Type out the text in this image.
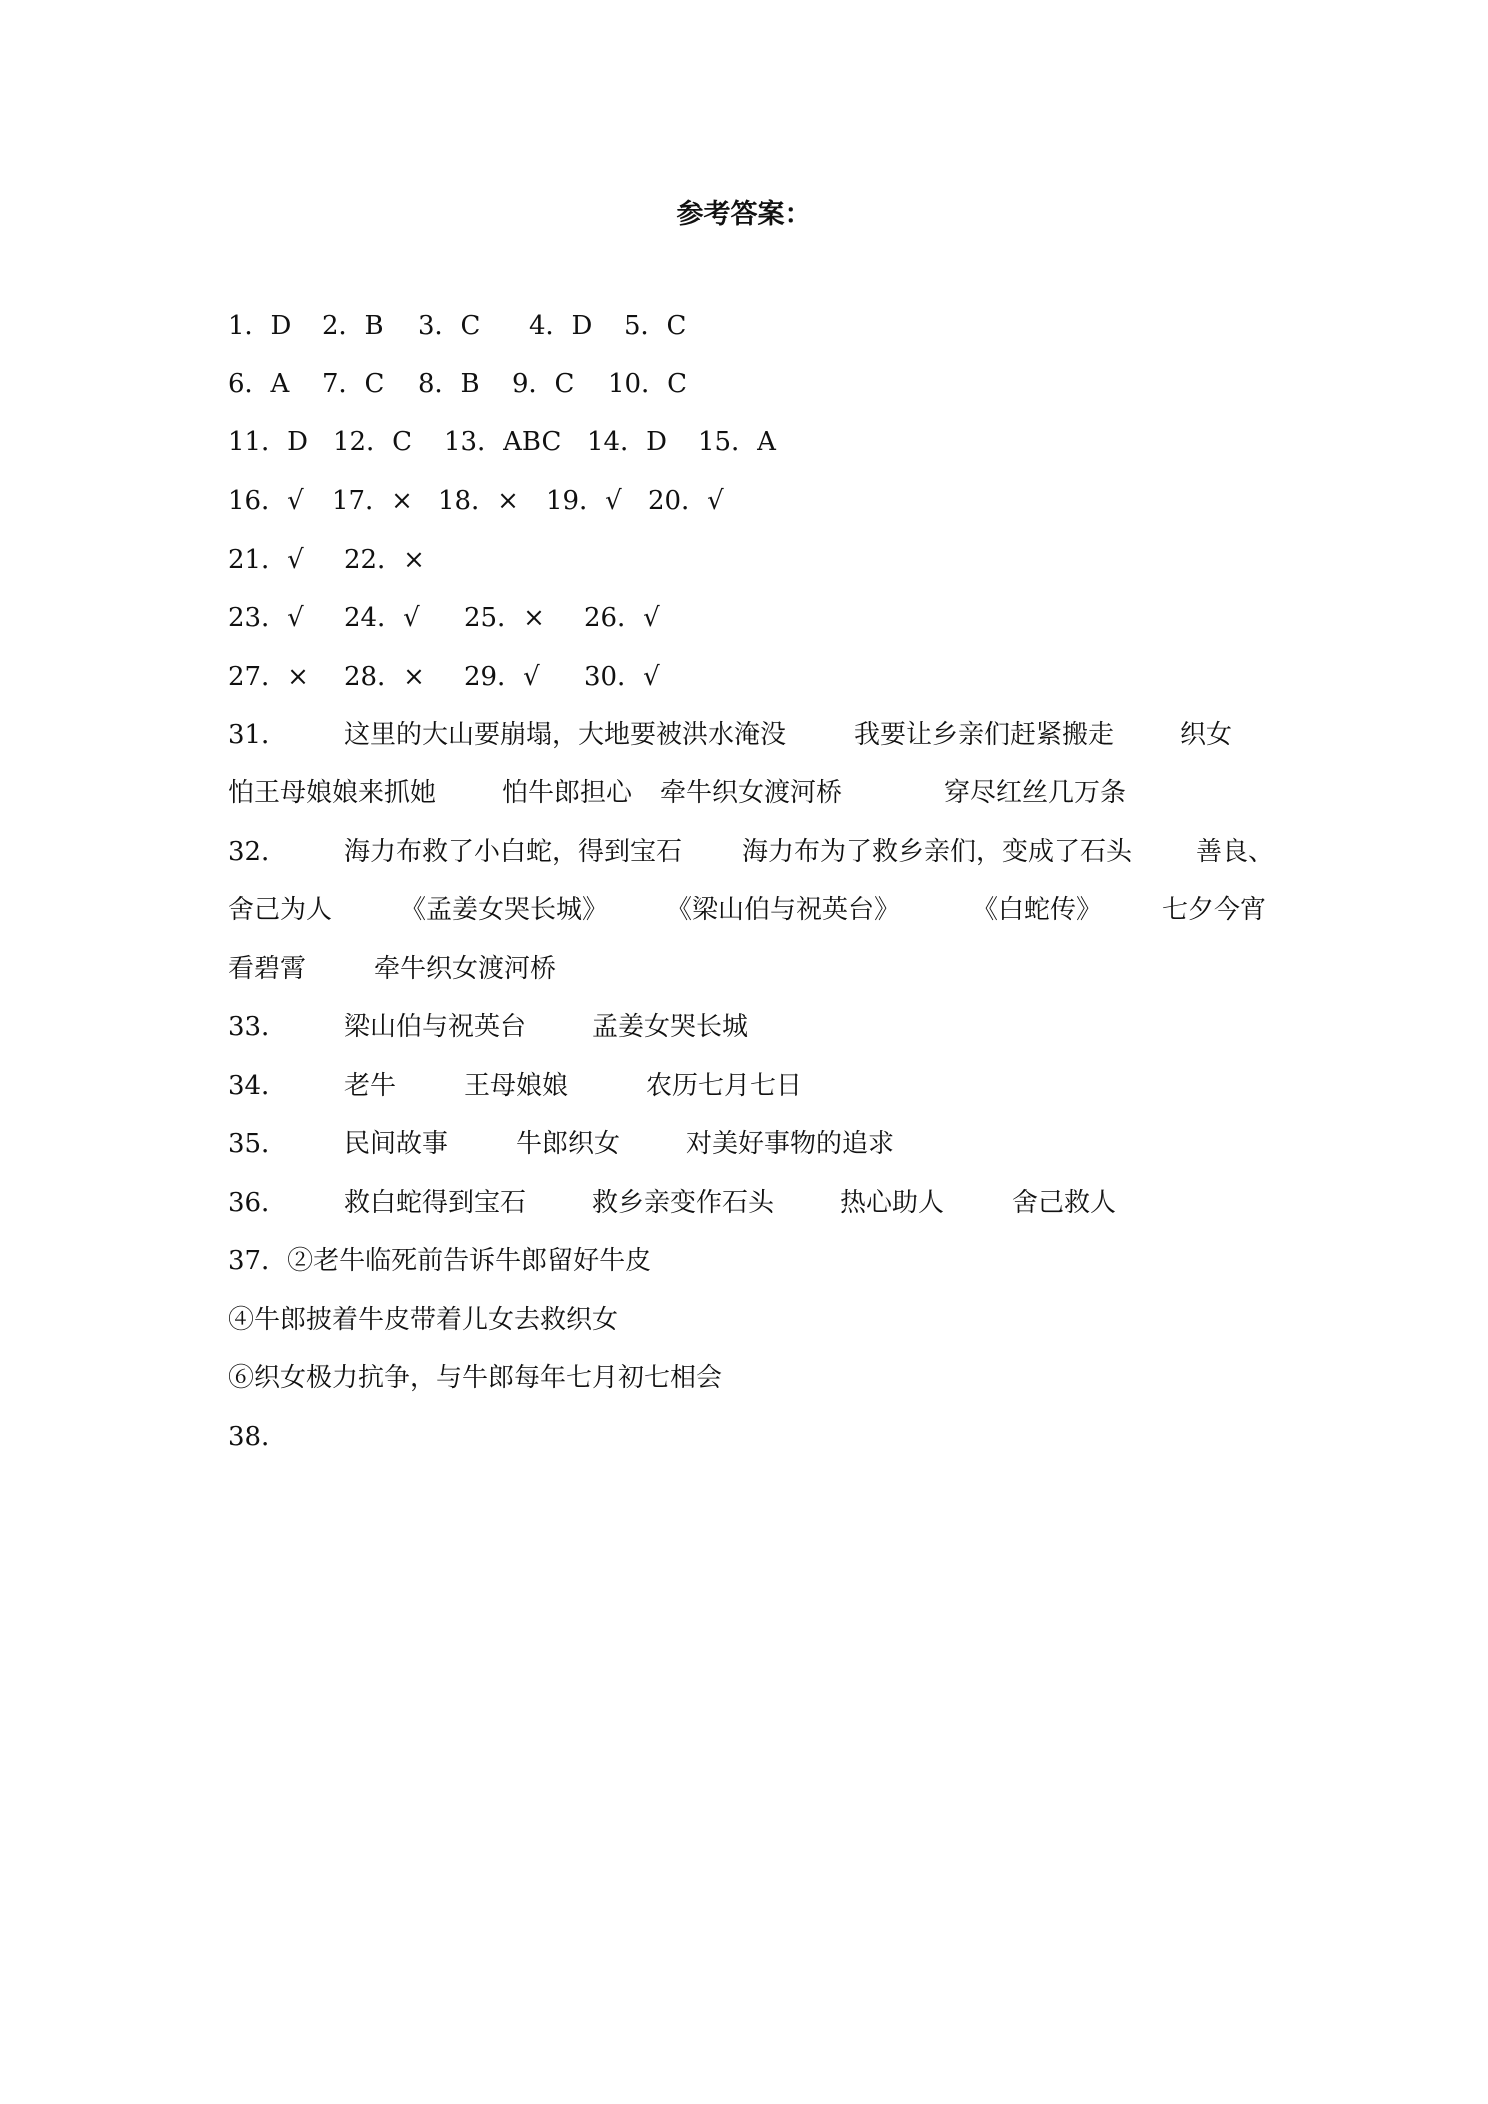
参考答案：
1．D 2．B 3．C 4．D 5．C
6．A 7．C 8．B 9．C 10．C
11．D 12．C 13．ABC 14．D 15．A
16．√ 17．× 18．× 19．√ 20．√
21．√ 22．×
23．√ 24．√ 25．× 26．√
27．× 28．× 29．√ 30．√
31． 这里的大山要崩塌，大地要被洪水淹没	我要让乡亲们赶紧搬走	织女
怕王母娘娘来抓她	怕牛郎担心 牵牛织女渡河桥	穿尽红丝几万条
32． 海力布救了小白蛇，得到宝石 海力布为了救乡亲们，变成了石头 善良、
舍己为人	《孟姜女哭长城》 《梁山伯与祝英台》	《白蛇传》 七夕今宵
看碧霄	牵牛织女渡河桥
33． 梁山伯与祝英台	孟姜女哭长城
34． 老牛	王母娘娘	农历七月七日
35． 民间故事	牛郎织女	对美好事物的追求
36． 救白蛇得到宝石	救乡亲变作石头	热心助人	舍己救人
37．②老牛临死前告诉牛郎留好牛皮
④牛郎披着牛皮带着儿女去救织女
⑥织女极力抗争，与牛郎每年七月初七相会
38．
